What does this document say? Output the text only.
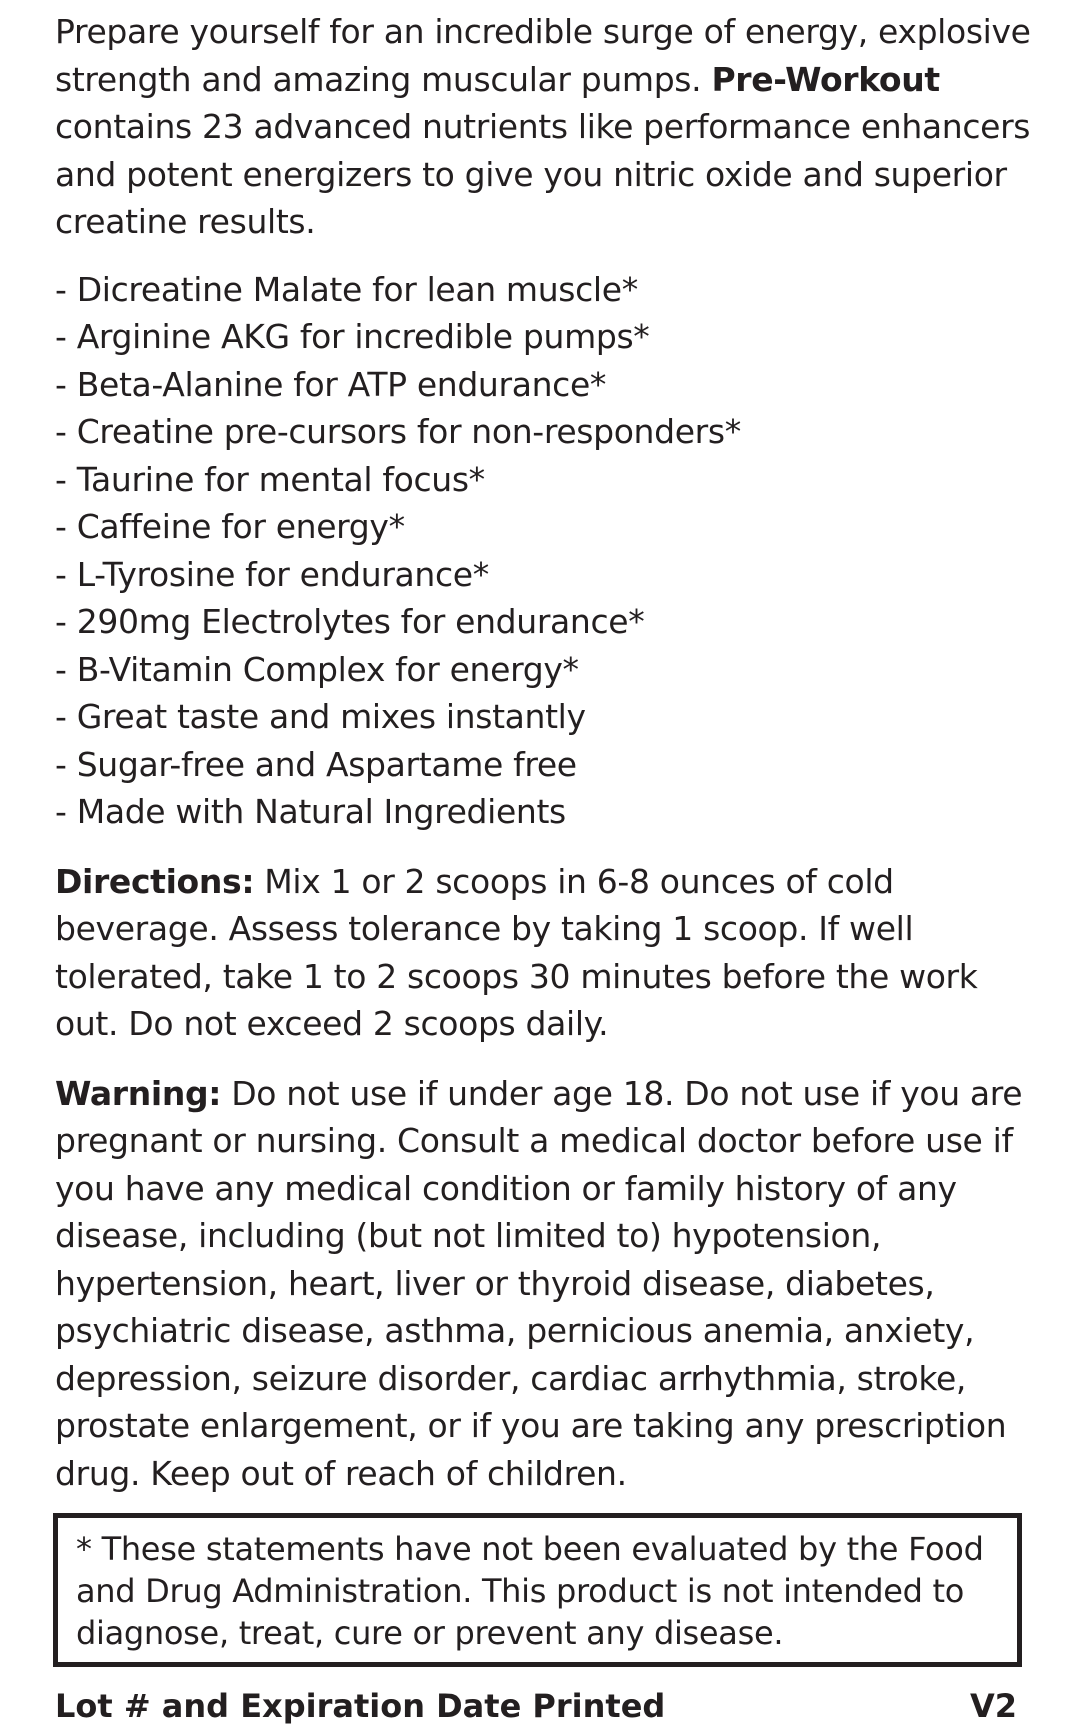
Prepare yourself for an incredible surge of energy, explosive strength and amazing muscular pumps. Pre-Workout contains 23 advanced nutrients like performance enhancers and potent energizers to give you nitric oxide and superior creatine results.

- Dicreatine Malate for lean muscle*
- Arginine AKG for incredible pumps*
- Beta-Alanine for ATP endurance*
- Creatine pre-cursors for non-responders*
- Taurine for mental focus*
- Caffeine for energy*
- L-Tyrosine for endurance*
- 290mg Electrolytes for endurance*
- B-Vitamin Complex for energy*
- Great taste and mixes instantly
- Sugar-free and Aspartame free
- Made with Natural Ingredients

Directions: Mix 1 or 2 scoops in 6-8 ounces of cold beverage. Assess tolerance by taking 1 scoop. If well tolerated, take 1 to 2 scoops 30 minutes before the work out. Do not exceed 2 scoops daily.

Warning: Do not use if under age 18. Do not use if you are pregnant or nursing. Consult a medical doctor before use if you have any medical condition or family history of any disease, including (but not limited to) hypotension, hypertension, heart, liver or thyroid disease, diabetes, psychiatric disease, asthma, pernicious anemia, anxiety, depression, seizure disorder, cardiac arrhythmia, stroke, prostate enlargement, or if you are taking any prescription drug. Keep out of reach of children.

* These statements have not been evaluated by the Food and Drug Administration. This product is not intended to diagnose, treat, cure or prevent any disease.
Lot # and Expiration Date Printed	V2
